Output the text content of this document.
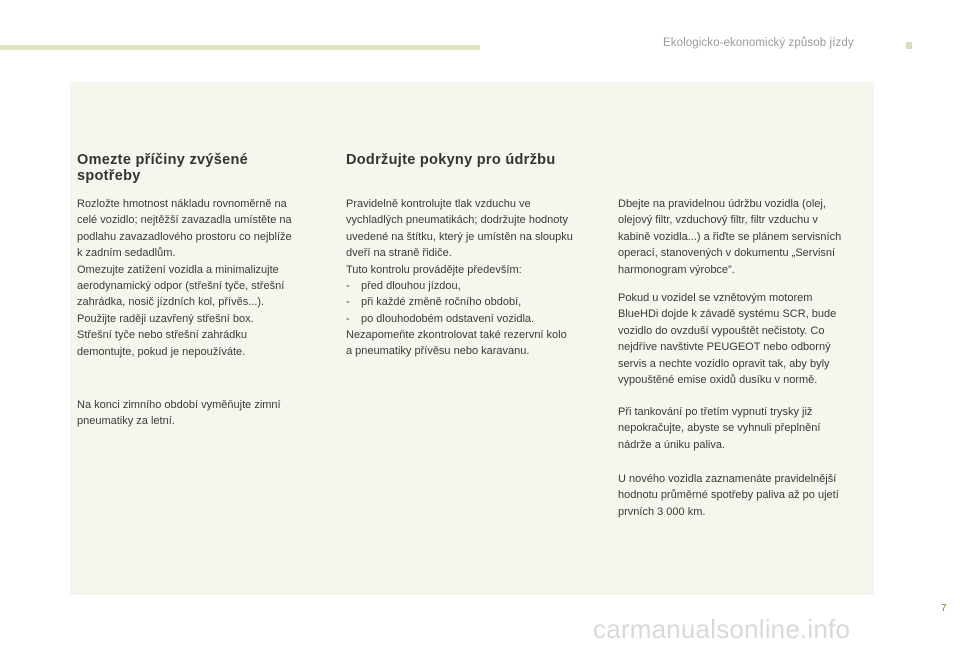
Ekologicko-ekonomický způsob jízdy
Omezte příčiny zvýšené
spotřeby

Rozložte hmotnost nákladu rovnoměrně na
celé vozidlo; nejtěžší zavazadla umístěte na
podlahu zavazadlového prostoru co nejblíže
k zadním sedadlům.
Omezujte zatížení vozidla a minimalizujte
aerodynamický odpor (střešní tyče, střešní
zahrádka, nosič jízdních kol, přívěs...).
Použijte raději uzavřený střešní box.
Střešní tyče nebo střešní zahrádku
demontujte, pokud je nepoužíváte.

Na konci zimního období vyměňujte zimní
pneumatiky za letní.

Dodržujte pokyny pro údržbu

Pravidelně kontrolujte tlak vzduchu ve
vychladlých pneumatikách; dodržujte hodnoty
uvedené na štítku, který je umístěn na sloupku
dveří na straně řidiče.
Tuto kontrolu provádějte především:

-	před dlouhou jízdou,
-	při každé změně ročního období,
-	po dlouhodobém odstavení vozidla.

Nezapomeňte zkontrolovat také rezervní kolo
a pneumatiky přívěsu nebo karavanu.

Dbejte na pravidelnou údržbu vozidla (olej,
olejový filtr, vzduchový filtr, filtr vzduchu v
kabině vozidla...) a řiďte se plánem servisních
operací, stanovených v dokumentu „Servisní
harmonogram výrobce”.

Pokud u vozidel se vznětovým motorem
BlueHDi dojde k závadě systému SCR, bude
vozidlo do ovzduší vypouštět nečistoty. Co
nejdříve navštivte PEUGEOT nebo odborný
servis a nechte vozidlo opravit tak, aby byly
vypouštěné emise oxidů dusíku v normě.

Při tankování po třetím vypnutí trysky již
nepokračujte, abyste se vyhnuli přeplnění
nádrže a úniku paliva.

U nového vozidla zaznamenáte pravidelnější
hodnotu průměrné spotřeby paliva až po ujetí
prvních 3 000 km.

7
carmanualsonline.info
